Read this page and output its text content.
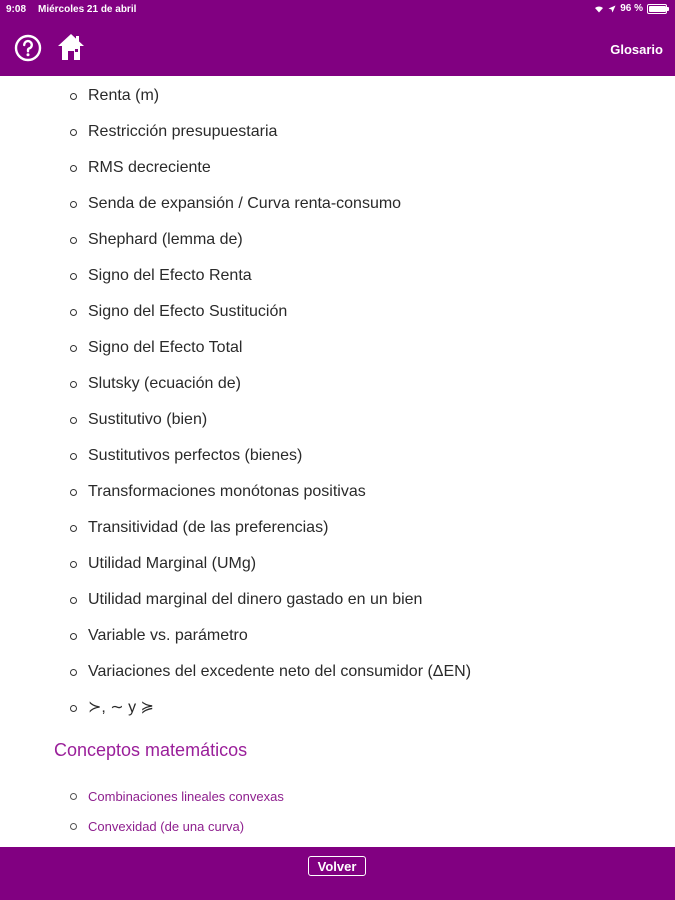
9:08 Miércoles 21 de abril	96 %
Glosario
Renta (m)
Restricción presupuestaria
RMS decreciente
Senda de expansión / Curva renta-consumo
Shephard (lemma de)
Signo del Efecto Renta
Signo del Efecto Sustitución
Signo del Efecto Total
Slutsky (ecuación de)
Sustitutivo (bien)
Sustitutivos perfectos (bienes)
Transformaciones monótonas positivas
Transitividad (de las preferencias)
Utilidad Marginal (UMg)
Utilidad marginal del dinero gastado en un bien
Variable vs. parámetro
Variaciones del excedente neto del consumidor (ΔEN)
≻, ∼ y ≽
Conceptos matemáticos
Combinaciones lineales convexas
Convexidad (de una curva)
Volver
